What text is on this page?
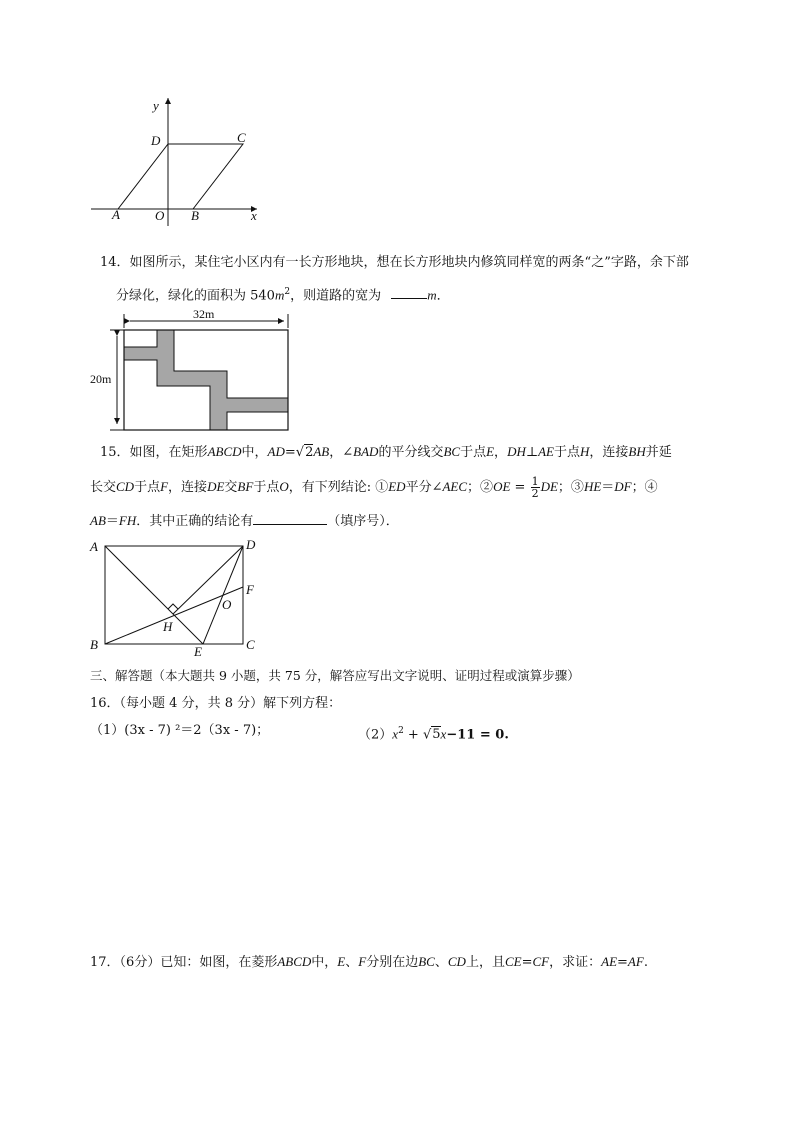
y
x
D	C
A	O B
14．如图所示，某住宅小区内有一长方形地块，想在长方形地块内修筑同样宽的两条“之”字路，余下部
分绿化，绿化的面积为 $540m^2$，则道路的宽为	m．
32m
20m
15．如图，在矩形ABCD中，AD=√2AB，∠BAD的平分线交BC于点E，DH⊥AE于点H，连接BH并延
长交CD于点F，连接DE交BF于点O，有下列结论: ①ED平分∠AEC；②OE = $\frac{1}{2}$ DE；③HE＝DF；④
AB＝FH．其中正确的结论有	（填序号）．
A	D
F
O
H
B	E	C
三、解答题（本大题共 9 小题，共 75 分，解答应写出文字说明、证明过程或演算步骤）
16．（每小题 4 分，共 8 分）解下列方程：
（1）(3x - 7) ²＝2（3x - 7)；	$(2)x^2 + √5x-11 = 0$.
17．（6分）已知：如图，在菱形ABCD中，E、F分别在边BC、CD上，且CE=CF，求证：AE=AF.
